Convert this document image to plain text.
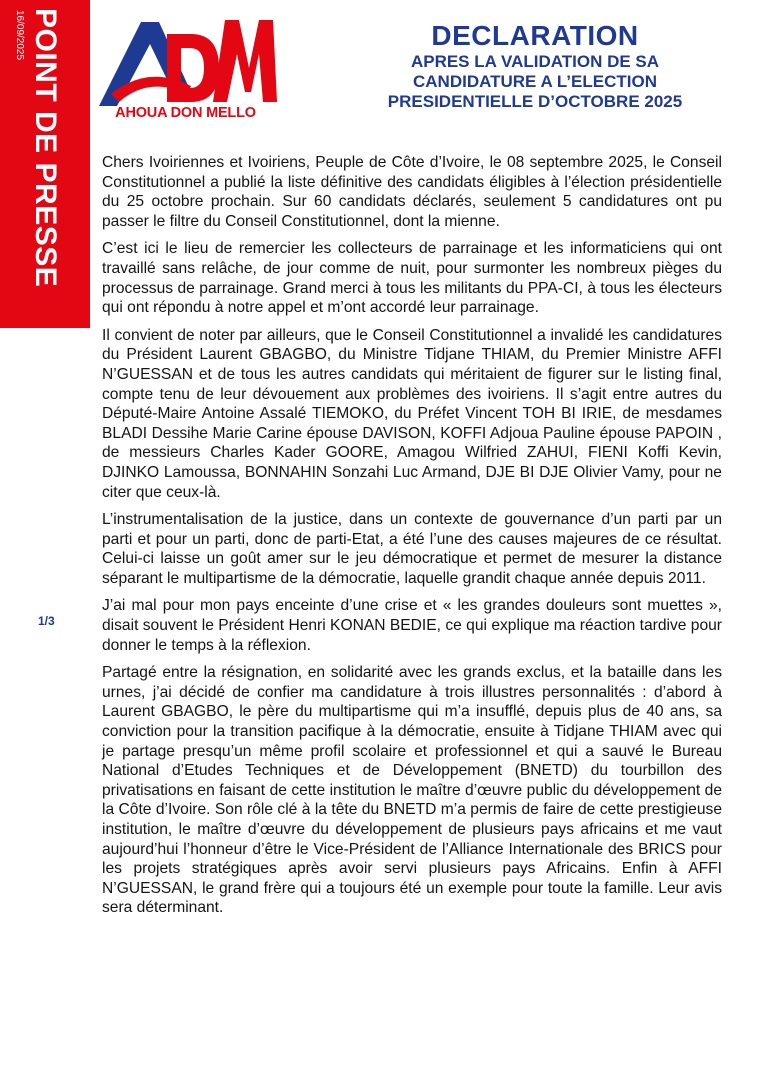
16/09/2025 POINT DE PRESSE	AHOUA DON MELLO
DECLARATION
APRES LA VALIDATION DE SA
CANDIDATURE A L’ELECTION
PRESIDENTIELLE D’OCTOBRE 2025
1/3

Chers Ivoiriennes et Ivoiriens, Peuple de Côte d’Ivoire, le 08 septembre 2025, le Conseil Constitutionnel a publié la liste définitive des candidats éligibles à l’élection présidentielle du 25 octobre prochain. Sur 60 candidats déclarés, seulement 5 candidatures ont pu passer le filtre du Conseil Constitutionnel, dont la mienne.

C’est ici le lieu de remercier les collecteurs de parrainage et les informaticiens qui ont travaillé sans relâche, de jour comme de nuit, pour surmonter les nombreux pièges du processus de parrainage. Grand merci à tous les militants du PPA-CI, à tous les électeurs qui ont répondu à notre appel et m’ont accordé leur parrainage.

Il convient de noter par ailleurs, que le Conseil Constitutionnel a invalidé les candidatures du Président Laurent GBAGBO, du Ministre Tidjane THIAM, du Premier Ministre AFFI N’GUESSAN et de tous les autres candidats qui méritaient de figurer sur le listing final, compte tenu de leur dévouement aux problèmes des ivoiriens. Il s’agit entre autres du Député-Maire Antoine Assalé TIEMOKO, du Préfet Vincent TOH BI IRIE, de mesdames BLADI Dessihe Marie Carine épouse DAVISON, KOFFI Adjoua Pauline épouse PAPOIN , de messieurs Charles Kader GOORE, Amagou Wilfried ZAHUI, FIENI Koffi Kevin, DJINKO Lamoussa, BONNAHIN Sonzahi Luc Armand, DJE BI DJE Olivier Vamy, pour ne citer que ceux-là.

L’instrumentalisation de la justice, dans un contexte de gouvernance d’un parti par un parti et pour un parti, donc de parti-Etat, a été l’une des causes majeures de ce résultat. Celui-ci laisse un goût amer sur le jeu démocratique et permet de mesurer la distance séparant le multipartisme de la démocratie, laquelle grandit chaque année depuis 2011.

J’ai mal pour mon pays enceinte d’une crise et « les grandes douleurs sont muettes », disait souvent le Président Henri KONAN BEDIE, ce qui explique ma réaction tardive pour donner le temps à la réflexion.

Partagé entre la résignation, en solidarité avec les grands exclus, et la bataille dans les urnes, j’ai décidé de confier ma candidature à trois illustres personnalités : d’abord à Laurent GBAGBO, le père du multipartisme qui m’a insufflé, depuis plus de 40 ans, sa conviction pour la transition pacifique à la démocratie, ensuite à Tidjane THIAM avec qui je partage presqu’un même profil scolaire et professionnel et qui a sauvé le Bureau National d’Etudes Techniques et de Développement (BNETD) du tourbillon des privatisations en faisant de cette institution le maître d’œuvre public du développement de la Côte d’Ivoire. Son rôle clé à la tête du BNETD m’a permis de faire de cette prestigieuse institution, le maître d’œuvre du développement de plusieurs pays africains et me vaut aujourd’hui l’honneur d’être le Vice-Président de l’Alliance Internationale des BRICS pour les projets stratégiques après avoir servi plusieurs pays Africains. Enfin à AFFI N’GUESSAN, le grand frère qui a toujours été un exemple pour toute la famille. Leur avis sera déterminant.
